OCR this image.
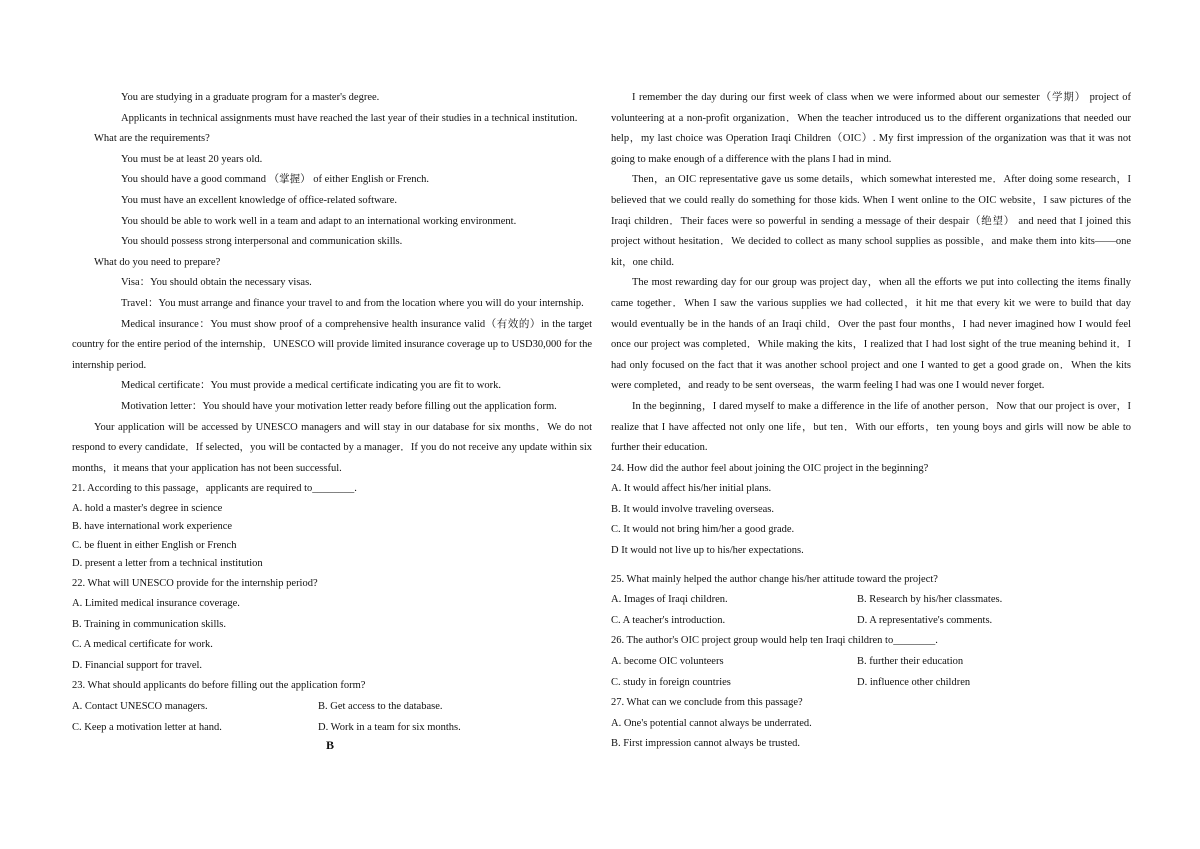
You are studying in a graduate program for a master's degree.

Applicants in technical assignments must have reached the last year of their studies in a technical institution.

What are the requirements?

You must be at least 20 years old.

You should have a good command （掌握） of either English or French.

You must have an excellent knowledge of office-related software.

You should be able to work well in a team and adapt to an international working environment.

You should possess strong interpersonal and communication skills.

What do you need to prepare?

Visa：You should obtain the necessary visas.

Travel：You must arrange and finance your travel to and from the location where you will do your internship.

Medical insurance：You must show proof of a comprehensive health insurance valid（有效的）in the target country for the entire period of the internship．UNESCO will provide limited insurance coverage up to USD30,000 for the internship period.

Medical certificate：You must provide a medical certificate indicating you are fit to work.

Motivation letter：You should have your motivation letter ready before filling out the application form.

Your application will be accessed by UNESCO managers and will stay in our database for six months．We do not respond to every candidate．If selected，you will be contacted by a manager．If you do not receive any update within six months，it means that your application has not been successful.

21. According to this passage，applicants are required to________.

A. hold a master's degree in science

B. have international work experience

C. be fluent in either English or French

D. present a letter from a technical institution

22. What will UNESCO provide for the internship period?

A. Limited medical insurance coverage.

B. Training in communication skills.

C. A medical certificate for work.

D. Financial support for travel.

23. What should applicants do before filling out the application form?

A. Contact UNESCO managers.	B. Get access to the database.
C. Keep a motivation letter at hand.	D. Work in a team for six months.
B

I remember the day during our first week of class when we were informed about our semester（学期） project of volunteering at a non-profit organization．When the teacher introduced us to the different organizations that needed our help，my last choice was Operation Iraqi Children（OIC）. My first impression of the organization was that it was not going to make enough of a difference with the plans I had in mind.

Then，an OIC representative gave us some details，which somewhat interested me．After doing some research，I believed that we could really do something for those kids. When I went online to the OIC website，I saw pictures of the Iraqi children．Their faces were so powerful in sending a message of their despair（绝望） and need that I joined this project without hesitation．We decided to collect as many school supplies as possible，and make them into kits——one kit，one child.

The most rewarding day for our group was project day，when all the efforts we put into collecting the items finally came together．When I saw the various supplies we had collected，it hit me that every kit we were to build that day would eventually be in the hands of an Iraqi child．Over the past four months，I had never imagined how I would feel once our project was completed．While making the kits，I realized that I had lost sight of the true meaning behind it．I had only focused on the fact that it was another school project and one I wanted to get a good grade on．When the kits were completed，and ready to be sent overseas，the warm feeling I had was one I would never forget.

In the beginning，I dared myself to make a difference in the life of another person．Now that our project is over，I realize that I have affected not only one life，but ten．With our efforts，ten young boys and girls will now be able to further their education.

24. How did the author feel about joining the OIC project in the beginning?

A. It would affect his/her initial plans.

B. It would involve traveling overseas.

C. It would not bring him/her a good grade.

D It would not live up to his/her expectations.

25. What mainly helped the author change his/her attitude toward the project?

A. Images of Iraqi children.	B. Research by his/her classmates.
C. A teacher's introduction.	D. A representative's comments.

26. The author's OIC project group would help ten Iraqi children to________.

A. become OIC volunteers	B. further their education
C. study in foreign countries	D. influence other children

27. What can we conclude from this passage?

A. One's potential cannot always be underrated.

B. First impression cannot always be trusted.
